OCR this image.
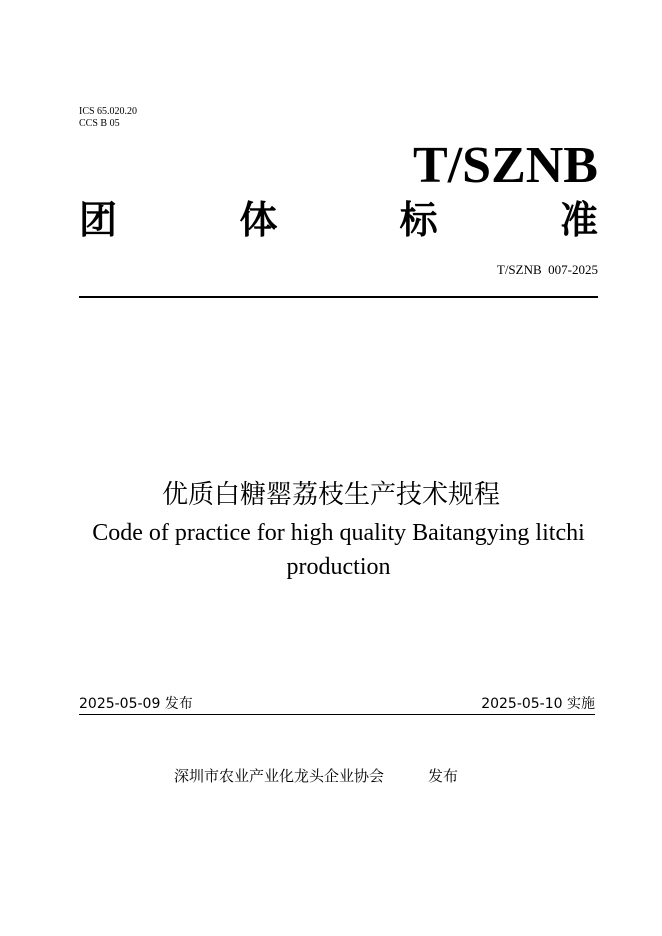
ICS 65.020.20
CCS B 05
T/SZNB
团	体	标	准
T/SZNB  007-2025
优质白糖罂荔枝生产技术规程
Code of practice for high quality Baitangying litchi production
2025-05-09 发布	2025-05-10 实施
深圳市农业产业化龙头企业协会	发布
